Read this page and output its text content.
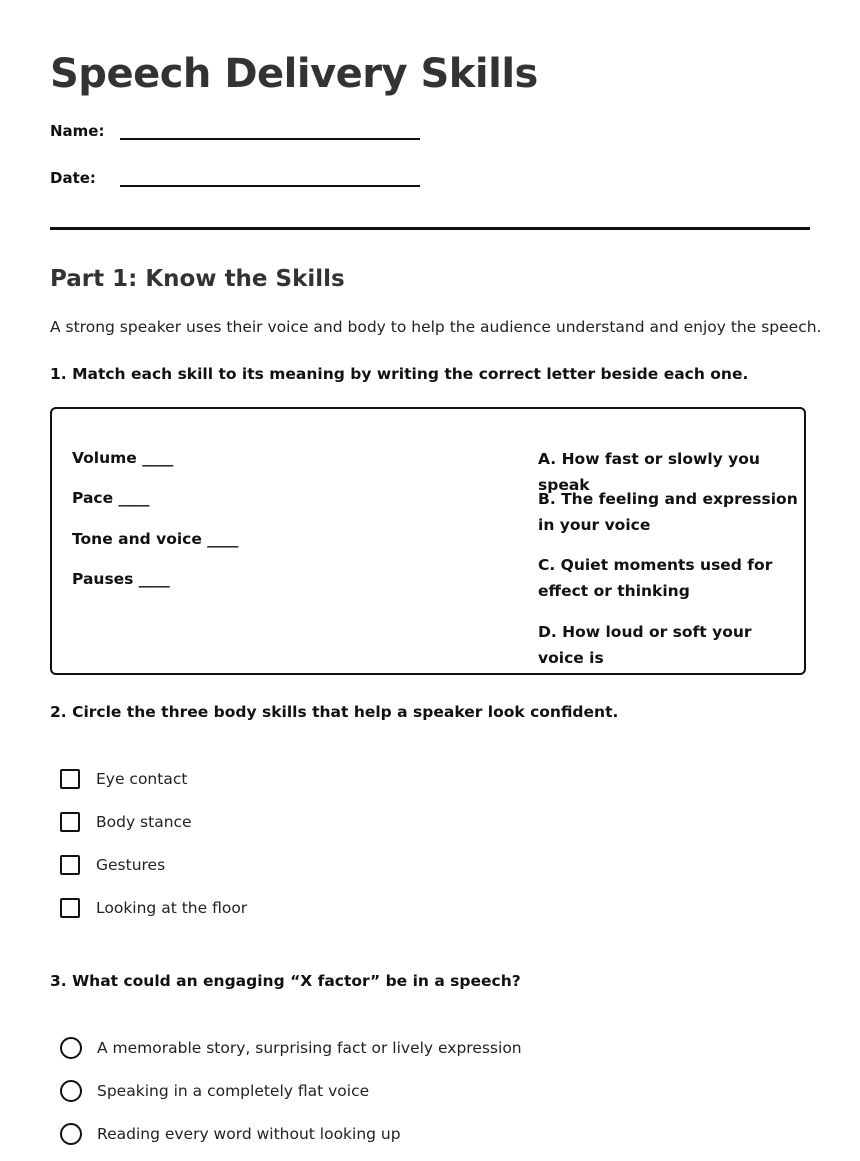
Speech Delivery Skills
Name:
Date:
Part 1: Know the Skills
A strong speaker uses their voice and body to help the audience understand and enjoy the speech.
1. Match each skill to its meaning by writing the correct letter beside each one.
Volume ____
Pace ____
Tone and voice ____
Pauses ____
A. How fast or slowly you speak
B. The feeling and expression in your voice
C. Quiet moments used for effect or thinking
D. How loud or soft your voice is
2. Circle the three body skills that help a speaker look confident.
Eye contact
Body stance
Gestures
Looking at the floor
3. What could an engaging “X factor” be in a speech?
A memorable story, surprising fact or lively expression
Speaking in a completely flat voice
Reading every word without looking up
